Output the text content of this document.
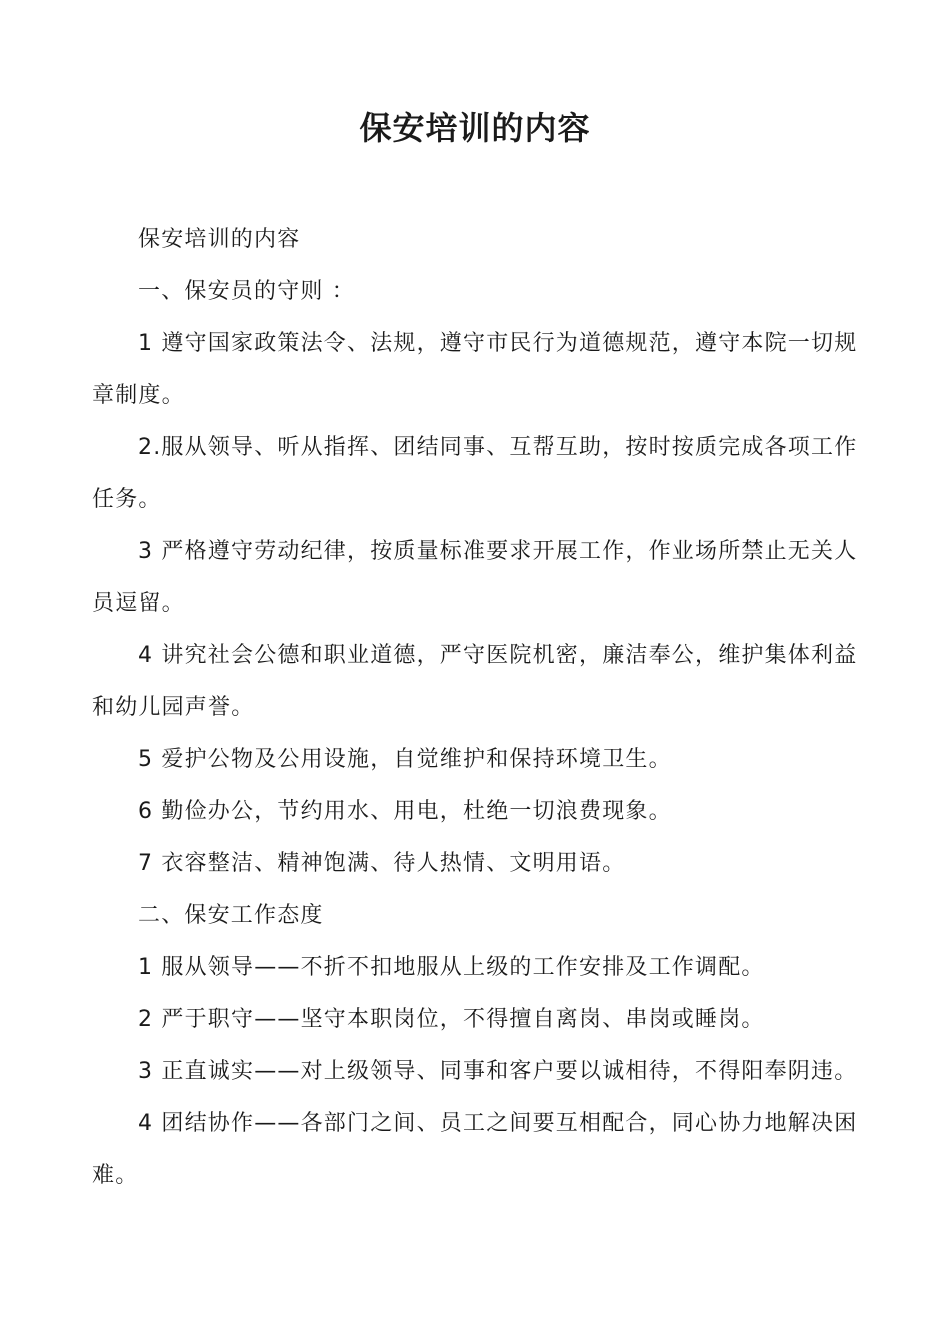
保安培训的内容

保安培训的内容

一、保安员的守则 ：

1 遵守国家政策法令、法规，遵守市民行为道德规范，遵守本院一切规章制度。

2.服从领导、听从指挥、团结同事、互帮互助，按时按质完成各项工作任务。

3 严格遵守劳动纪律，按质量标准要求开展工作，作业场所禁止无关人员逗留。

4 讲究社会公德和职业道德，严守医院机密，廉洁奉公，维护集体利益和幼儿园声誉。

5 爱护公物及公用设施，自觉维护和保持环境卫生。

6 勤俭办公，节约用水、用电，杜绝一切浪费现象。

7 衣容整洁、精神饱满、待人热情、文明用语。

二、保安工作态度

1 服从领导——不折不扣地服从上级的工作安排及工作调配。

2 严于职守——坚守本职岗位，不得擅自离岗、串岗或睡岗。

3 正直诚实——对上级领导、同事和客户要以诚相待，不得阳奉阴违。

4 团结协作——各部门之间、员工之间要互相配合，同心协力地解决困难。
